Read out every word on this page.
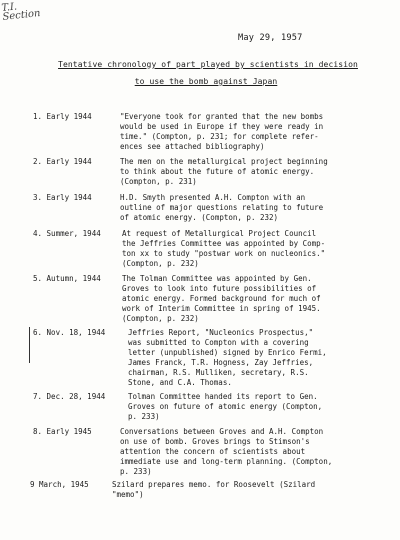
T.I.
Section
May 29, 1957
Tentative chronology of part played by scientists in decision
to use the bomb against Japan
1. Early 1944	"Everyone took for granted that the new bombs
would be used in Europe if they were ready in
time." (Compton, p. 231; for complete refer-
ences see attached bibliography)
2. Early 1944	The men on the metallurgical project beginning
to think about the future of atomic energy.
(Compton, p. 231)
3. Early 1944	H.D. Smyth presented A.H. Compton with an
outline of major questions relating to future
of atomic energy. (Compton, p. 232)
4. Summer, 1944	At request of Metallurgical Project Council
the Jeffries Committee was appointed by Comp-
ton xx to study "postwar work on nucleonics."
(Compton, p. 232)
5. Autumn, 1944	The Tolman Committee was appointed by Gen.
Groves to look into future possibilities of
atomic energy. Formed background for much of
work of Interim Committee in spring of 1945.
(Compton, p. 232)
6. Nov. 18, 1944	Jeffries Report, "Nucleonics Prospectus,"
was submitted to Compton with a covering
letter (unpublished) signed by Enrico Fermi,
James Franck, T.R. Hogness, Zay Jeffries,
chairman, R.S. Mulliken, secretary, R.S.
Stone, and C.A. Thomas.
7. Dec. 28, 1944	Tolman Committee handed its report to Gen.
Groves on future of atomic energy (Compton,
p. 233)
8. Early 1945	Conversations between Groves and A.H. Compton
on use of bomb. Groves brings to Stimson's
attention the concern of scientists about
immediate use and long-term planning. (Compton,
p. 233)
9 March, 1945	Szilard prepares memo. for Roosevelt (Szilard
"memo")
